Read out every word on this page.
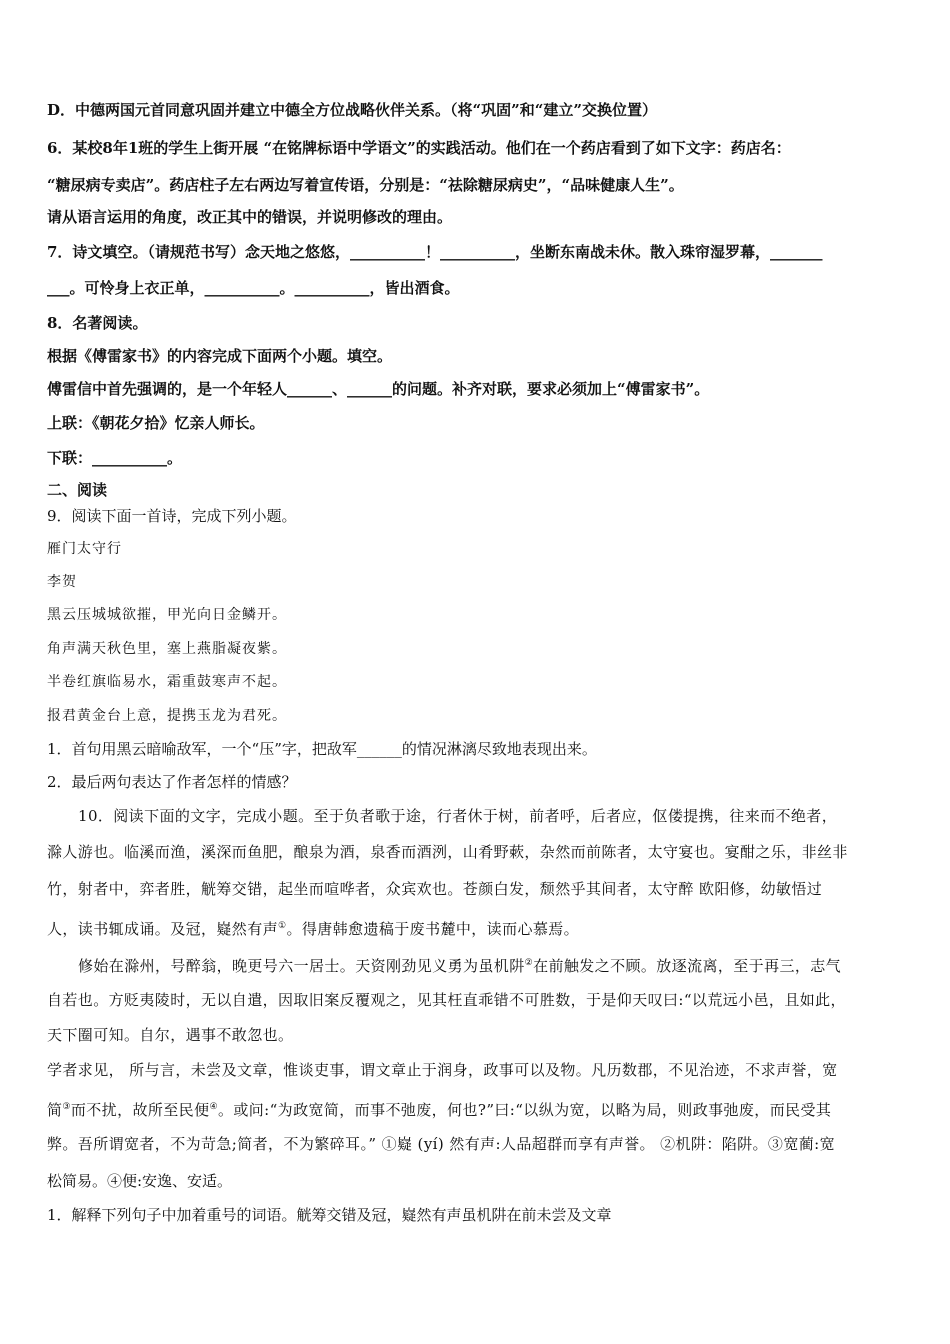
D．中德两国元首同意巩固并建立中德全方位战略伙伴关系。（将“巩固”和“建立”交换位置）
6．某校8年1班的学生上街开展 “在铭牌标语中学语文”的实践活动。他们在一个药店看到了如下文字：药店名：
“糖尿病专卖店”。药店柱子左右两边写着宣传语，分别是：“祛除糖尿病史”，“品味健康人生”。
请从语言运用的角度，改正其中的错误，并说明修改的理由。
7．诗文填空。（请规范书写）念天地之悠悠，__________！__________，坐断东南战未休。散入珠帘湿罗幕，_______
___。可怜身上衣正单，__________。__________，皆出酒食。
8．名著阅读。
根据《傅雷家书》的内容完成下面两个小题。填空。
傅雷信中首先强调的，是一个年轻人______、______的问题。补齐对联，要求必须加上“傅雷家书”。
上联：《朝花夕拾》忆亲人师长。
下联：__________。
二、阅读
9．阅读下面一首诗，完成下列小题。
雁门太守行
李贺
黑云压城城欲摧，甲光向日金鳞开。
角声满天秋色里，塞上燕脂凝夜紫。
半卷红旗临易水，霜重鼓寒声不起。
报君黄金台上意，提携玉龙为君死。
1．首句用黑云暗喻敌军，一个“压”字，把敌军______的情况淋漓尽致地表现出来。
2．最后两句表达了作者怎样的情感？
10．阅读下面的文字，完成小题。至于负者歌于途，行者休于树，前者呼，后者应，伛偻提携，往来而不绝者，
滁人游也。临溪而渔，溪深而鱼肥，酿泉为酒，泉香而酒洌，山肴野蔌，杂然而前陈者，太守宴也。宴酣之乐，非丝非
竹，射者中，弈者胜，觥筹交错，起坐而喧哗者，众宾欢也。苍颜白发，颓然乎其间者，太守醉 欧阳修，幼敏悟过
人，读书辄成诵。及冠，嶷然有声①。得唐韩愈遗稿于废书麓中，读而心慕焉。
修始在滁州，号醉翁，晚更号六一居士。天资刚劲见义勇为虽机阱②在前触发之不顾。放逐流离，至于再三，志气
自若也。方贬夷陵时，无以自遣，因取旧案反覆观之，见其枉直乖错不可胜数，于是仰天叹曰:“以荒远小邑，且如此，
天下圈可知。自尔，遇事不敢忽也。
学者求见， 所与言，未尝及文章，惟谈吏事，谓文章止于润身，政事可以及物。凡历数郡，不见治迹，不求声誉，宽
简③而不扰，故所至民便④。或问:“为政宽简，而事不弛废，何也?”曰:“以纵为宽，以略为局，则政事弛废，而民受其
弊。吾所谓宽者，不为苛急;简者，不为繁碎耳。” ①嶷 (yí) 然有声:人品超群而享有声誉。 ②机阱：陷阱。③宽蔺:宽
松简易。④便:安逸、安适。
1．解释下列句子中加着重号的词语。觥筹交错及冠，嶷然有声虽机阱在前未尝及文章
